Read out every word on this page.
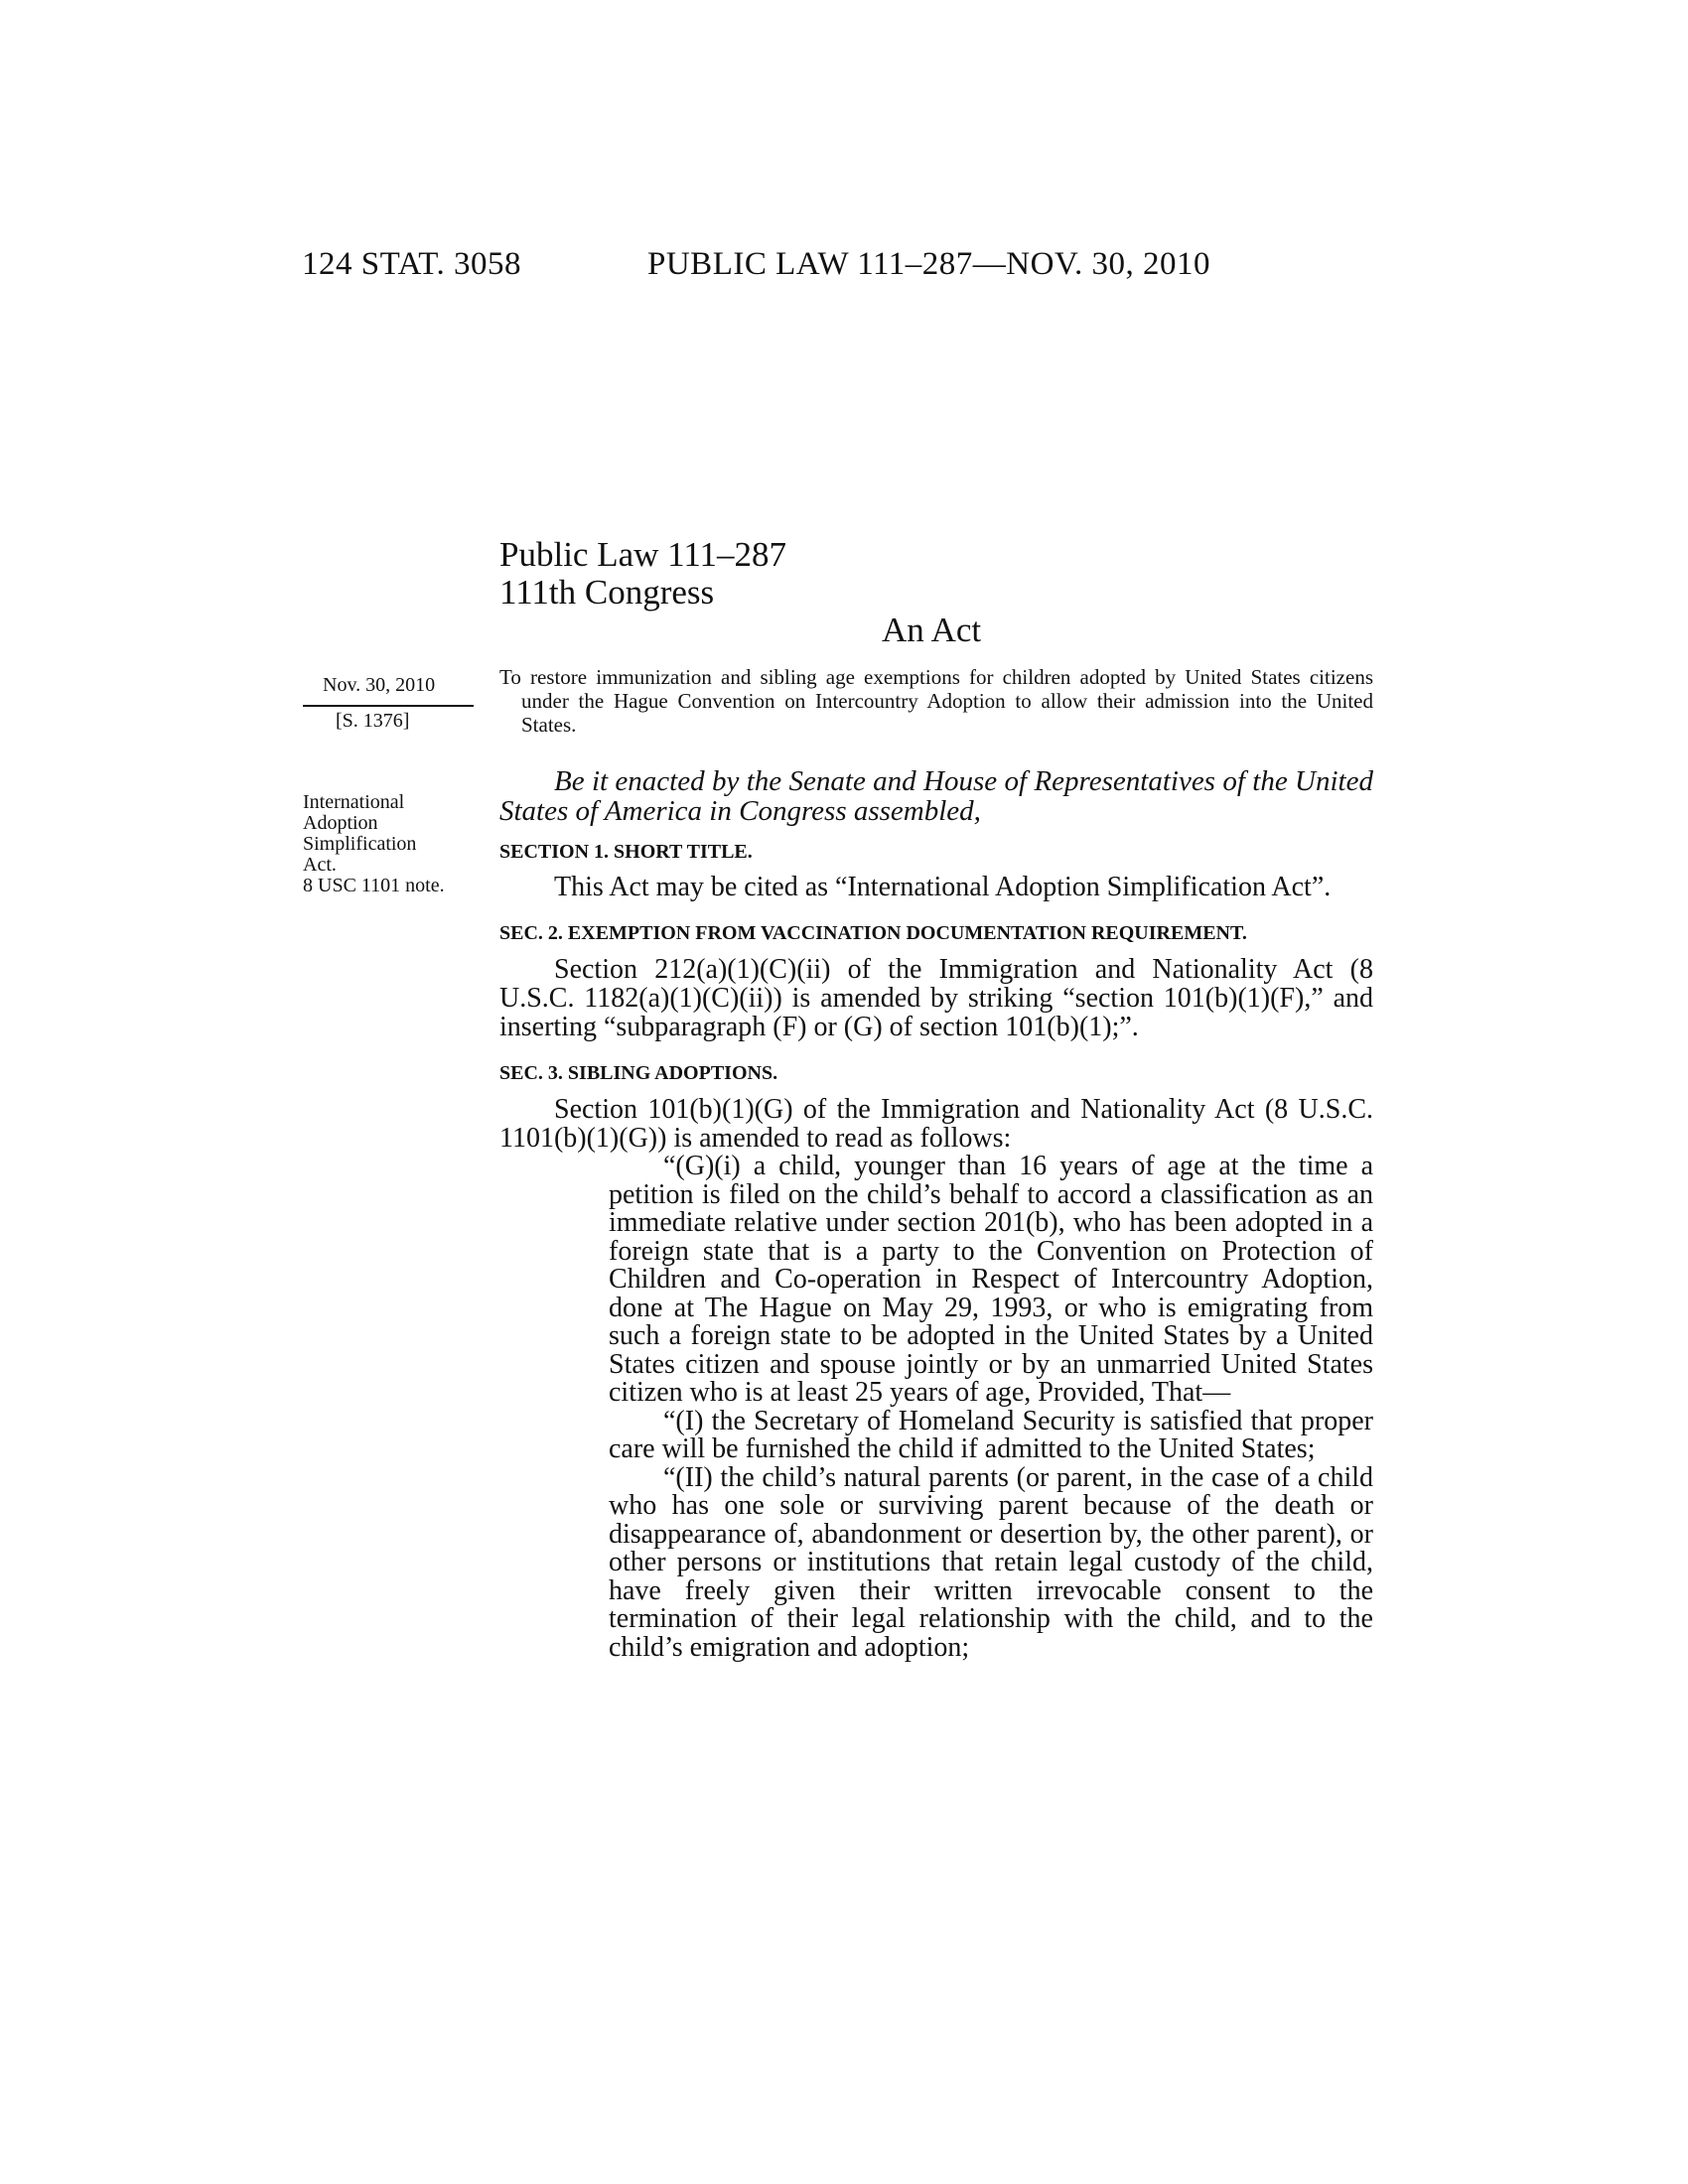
124 STAT. 3058	PUBLIC LAW 111–287—NOV. 30, 2010
Public Law 111–287
111th Congress
An Act
Nov. 30, 2010
[S. 1376]
International
Adoption
Simplification
Act.
8 USC 1101 note.

To restore immunization and sibling age exemptions for children adopted by United States citizens under the Hague Convention on Intercountry Adoption to allow their admission into the United States.

Be it enacted by the Senate and House of Representatives of the United States of America in Congress assembled,

SECTION 1. SHORT TITLE.

This Act may be cited as “International Adoption Simplification Act”.

SEC. 2. EXEMPTION FROM VACCINATION DOCUMENTATION REQUIREMENT.

Section 212(a)(1)(C)(ii) of the Immigration and Nationality Act (8 U.S.C. 1182(a)(1)(C)(ii)) is amended by striking “section 101(b)(1)(F),” and inserting “subparagraph (F) or (G) of section 101(b)(1);”.

SEC. 3. SIBLING ADOPTIONS.

Section 101(b)(1)(G) of the Immigration and Nationality Act (8 U.S.C. 1101(b)(1)(G)) is amended to read as follows:

“(G)(i) a child, younger than 16 years of age at the time a petition is filed on the child’s behalf to accord a classification as an immediate relative under section 201(b), who has been adopted in a foreign state that is a party to the Convention on Protection of Children and Co-operation in Respect of Intercountry Adoption, done at The Hague on May 29, 1993, or who is emigrating from such a foreign state to be adopted in the United States by a United States citizen and spouse jointly or by an unmarried United States citizen who is at least 25 years of age, Provided, That—

“(I) the Secretary of Homeland Security is satisfied that proper care will be furnished the child if admitted to the United States;

“(II) the child’s natural parents (or parent, in the case of a child who has one sole or surviving parent because of the death or disappearance of, abandonment or desertion by, the other parent), or other persons or institutions that retain legal custody of the child, have freely given their written irrevocable consent to the termination of their legal relationship with the child, and to the child’s emigration and adoption;
